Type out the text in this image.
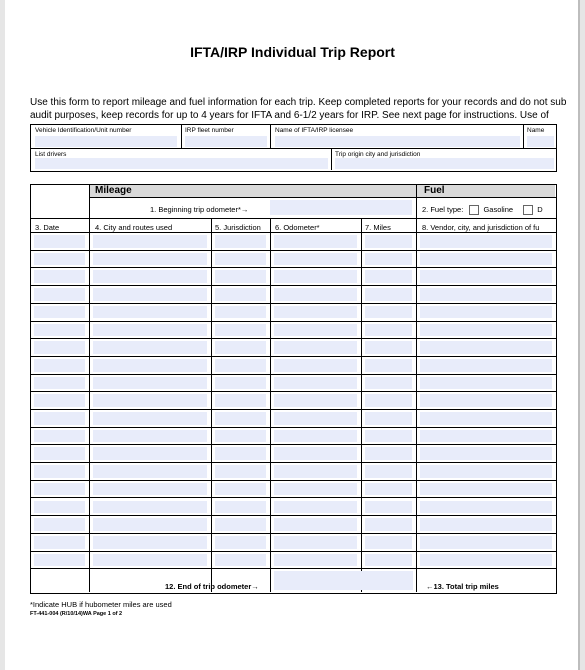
IFTA/IRP Individual Trip Report
Use this form to report mileage and fuel information for each trip. Keep completed reports for your records and do not sub
audit purposes, keep records for up to 4 years for IFTA and 6-1/2 years for IRP. See next page for instructions. Use of
Vehicle Identification/Unit number	IRP fleet number	Name of IFTA/IRP licensee	Name
List drivers	Trip origin city and jurisdiction
Mileage	Fuel
1. Beginning trip odometer*→	2. Fuel type:	Gasoline	D
3. Date	4. City and routes used	5. Jurisdiction 6. Odometer*	7. Miles	8. Vendor, city, and jurisdiction of fu
12. End of trip odometer→	←13. Total trip miles
*Indicate HUB if hubometer miles are used
FT-441-004 (R/10/14)WA Page 1 of 2
